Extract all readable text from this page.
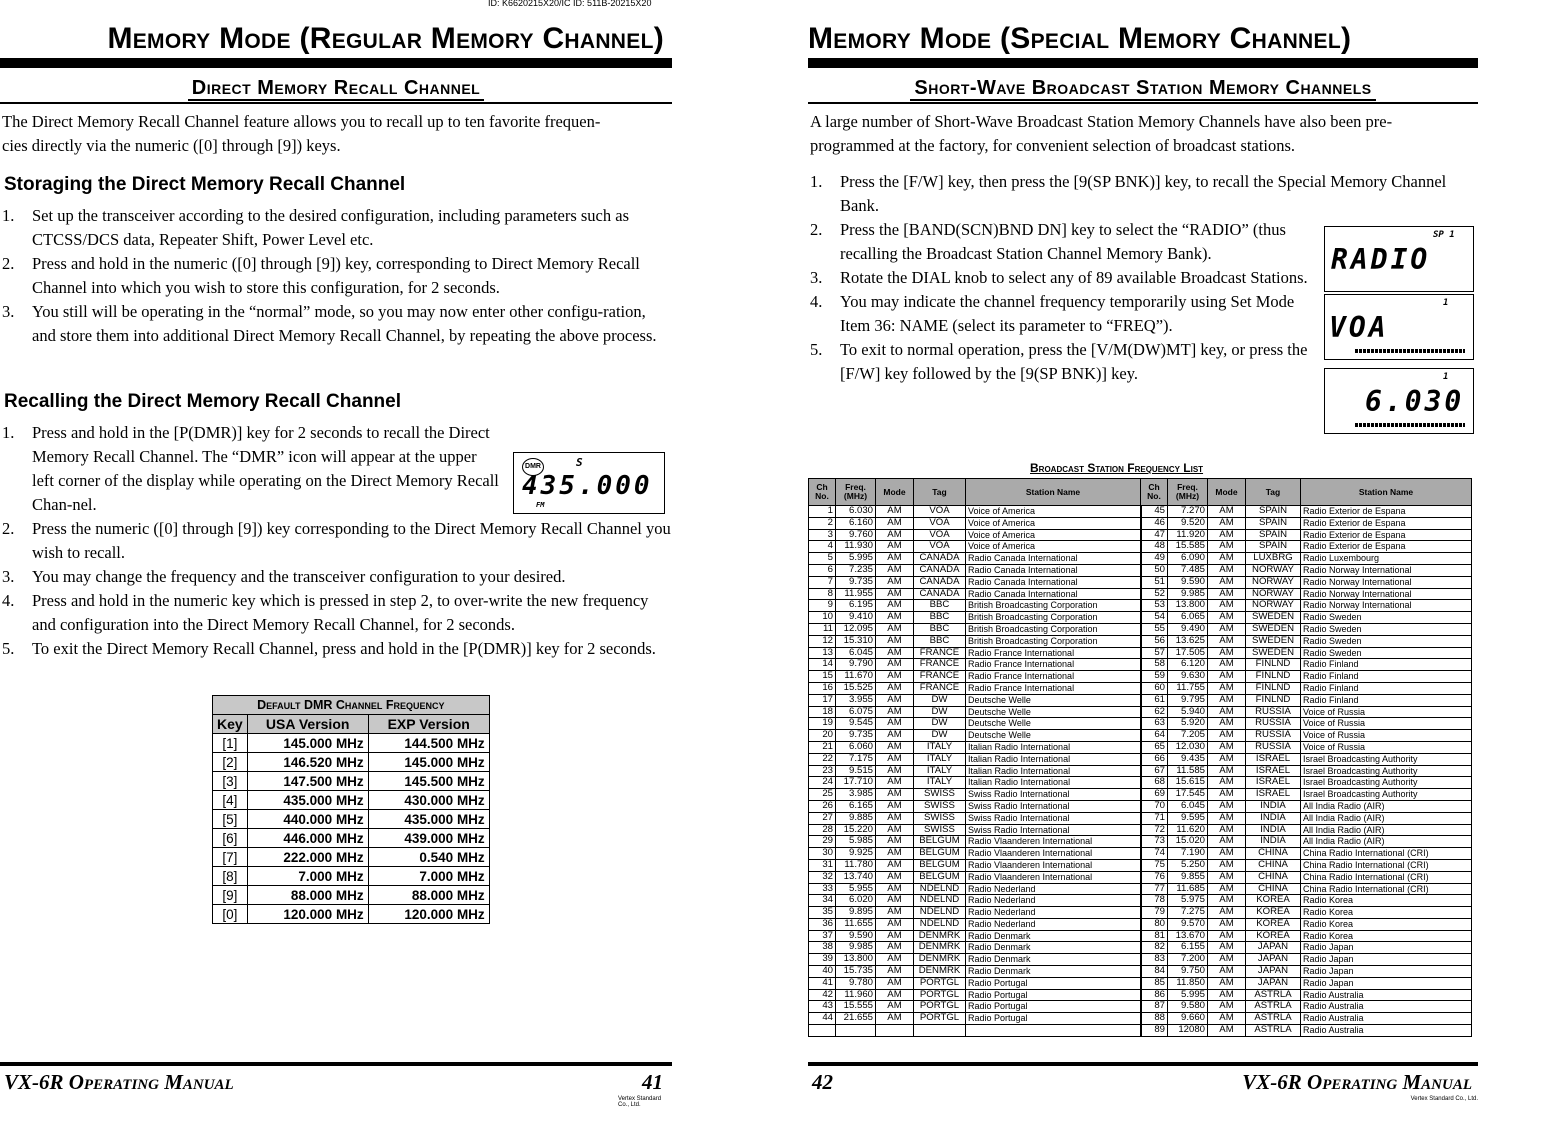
ID: K6620215X20/IC ID: 511B-20215X20
Memory Mode (Regular Memory Channel)
Direct Memory Recall Channel
The Direct Memory Recall Channel feature allows you to recall up to ten favorite frequen-
cies directly via the numeric ([0] through [9]) keys.
Storaging the Direct Memory Recall Channel
1. Set up the transceiver according to the desired configuration, including parameters such as CTCSS/DCS data, Repeater Shift, Power Level etc.
2. Press and hold in the numeric ([0] through [9]) key, corresponding to Direct Memory Recall Channel into which you wish to store this configuration, for 2 seconds.
3. You still will be operating in the “normal” mode, so you may now enter other configu-ration, and store them into additional Direct Memory Recall Channel, by repeating the above process.
Recalling the Direct Memory Recall Channel
1. Press and hold in the [P(DMR)] key for 2 seconds to recall the Direct Memory Recall Channel. The “DMR” icon will appear at the upper left corner of the display while operating on the Direct Memory Recall Chan-nel.
2. Press the numeric ([0] through [9]) key corresponding to the Direct Memory Recall Channel you wish to recall.
3. You may change the frequency and the transceiver configuration to your desired.
4. Press and hold in the numeric key which is pressed in step 2, to over-write the new frequency and configuration into the Direct Memory Recall Channel, for 2 seconds.
5. To exit the Direct Memory Recall Channel, press and hold in the [P(DMR)] key for 2 seconds.
DMR	S
435.000
FM
Default DMR Channel Frequency		
Key	USA Version	EXP Version
[1]	145.000 MHz	144.500 MHz
[2]	146.520 MHz	145.000 MHz
[3]	147.500 MHz	145.500 MHz
[4]	435.000 MHz	430.000 MHz
[5]	440.000 MHz	435.000 MHz
[6]	446.000 MHz	439.000 MHz
[7]	222.000 MHz	0.540 MHz
[8]	7.000 MHz	7.000 MHz
[9]	88.000 MHz	88.000 MHz
[0]	120.000 MHz	120.000 MHz
VX-6R Operating Manual	41
Vertex Standard Co., Ltd.
Memory Mode (Special Memory Channel)
Short-Wave Broadcast Station Memory Channels
A large number of Short-Wave Broadcast Station Memory Channels have also been pre-
programmed at the factory, for convenient selection of broadcast stations.
1. Press the [F/W] key, then press the [9(SP BNK)] key, to recall the Special Memory Channel Bank.
2. Press the [BAND(SCN)BND DN] key to select the “RADIO” (thus recalling the Broadcast Station Channel Memory Bank).
3. Rotate the DIAL knob to select any of 89 available Broadcast Stations.
4. You may indicate the channel frequency temporarily using Set Mode Item 36: NAME (select its parameter to “FREQ”).
5. To exit to normal operation, press the [V/M(DW)MT] key, or press the [F/W] key followed by the [9(SP BNK)] key.
SP 1
RADIO
1
VOA
1
6.030
Broadcast Station Frequency List
Ch No.	Freq. (MHz)	Mode	Tag	Station Name	Ch No.	Freq. (MHz)	Mode	Tag	Station Name
1	6.030	AM	VOA	Voice of America	45	7.270	AM	SPAIN	Radio Exterior de Espana
2	6.160	AM	VOA	Voice of America	46	9.520	AM	SPAIN	Radio Exterior de Espana
3	9.760	AM	VOA	Voice of America	47	11.920	AM	SPAIN	Radio Exterior de Espana
4	11.930	AM	VOA	Voice of America	48	15.585	AM	SPAIN	Radio Exterior de Espana
5	5.995	AM	CANADA	Radio Canada International	49	6.090	AM	LUXBRG	Radio Luxembourg
6	7.235	AM	CANADA	Radio Canada International	50	7.485	AM	NORWAY	Radio Norway International
7	9.735	AM	CANADA	Radio Canada International	51	9.590	AM	NORWAY	Radio Norway International
8	11.955	AM	CANADA	Radio Canada International	52	9.985	AM	NORWAY	Radio Norway International
9	6.195	AM	BBC	British Broadcasting Corporation	53	13.800	AM	NORWAY	Radio Norway International
10	9.410	AM	BBC	British Broadcasting Corporation	54	6.065	AM	SWEDEN	Radio Sweden
11	12.095	AM	BBC	British Broadcasting Corporation	55	9.490	AM	SWEDEN	Radio Sweden
12	15.310	AM	BBC	British Broadcasting Corporation	56	13.625	AM	SWEDEN	Radio Sweden
13	6.045	AM	FRANCE	Radio France International	57	17.505	AM	SWEDEN	Radio Sweden
14	9.790	AM	FRANCE	Radio France International	58	6.120	AM	FINLND	Radio Finland
15	11.670	AM	FRANCE	Radio France International	59	9.630	AM	FINLND	Radio Finland
16	15.525	AM	FRANCE	Radio France International	60	11.755	AM	FINLND	Radio Finland
17	3.955	AM	DW	Deutsche Welle	61	9.795	AM	FINLND	Radio Finland
18	6.075	AM	DW	Deutsche Welle	62	5.940	AM	RUSSIA	Voice of Russia
19	9.545	AM	DW	Deutsche Welle	63	5.920	AM	RUSSIA	Voice of Russia
20	9.735	AM	DW	Deutsche Welle	64	7.205	AM	RUSSIA	Voice of Russia
21	6.060	AM	ITALY	Italian Radio International	65	12.030	AM	RUSSIA	Voice of Russia
22	7.175	AM	ITALY	Italian Radio International	66	9.435	AM	ISRAEL	Israel Broadcasting Authority
23	9.515	AM	ITALY	Italian Radio International	67	11.585	AM	ISRAEL	Israel Broadcasting Authority
24	17.710	AM	ITALY	Italian Radio International	68	15.615	AM	ISRAEL	Israel Broadcasting Authority
25	3.985	AM	SWISS	Swiss Radio International	69	17.545	AM	ISRAEL	Israel Broadcasting Authority
26	6.165	AM	SWISS	Swiss Radio International	70	6.045	AM	INDIA	All India Radio (AIR)
27	9.885	AM	SWISS	Swiss Radio International	71	9.595	AM	INDIA	All India Radio (AIR)
28	15.220	AM	SWISS	Swiss Radio International	72	11.620	AM	INDIA	All India Radio (AIR)
29	5.985	AM	BELGUM	Radio Vlaanderen International	73	15.020	AM	INDIA	All India Radio (AIR)
30	9.925	AM	BELGUM	Radio Vlaanderen International	74	7.190	AM	CHINA	China Radio International (CRI)
31	11.780	AM	BELGUM	Radio Vlaanderen International	75	5.250	AM	CHINA	China Radio International (CRI)
32	13.740	AM	BELGUM	Radio Vlaanderen International	76	9.855	AM	CHINA	China Radio International (CRI)
33	5.955	AM	NDELND	Radio Nederland	77	11.685	AM	CHINA	China Radio International (CRI)
34	6.020	AM	NDELND	Radio Nederland	78	5.975	AM	KOREA	Radio Korea
35	9.895	AM	NDELND	Radio Nederland	79	7.275	AM	KOREA	Radio Korea
36	11.655	AM	NDELND	Radio Nederland	80	9.570	AM	KOREA	Radio Korea
37	9.590	AM	DENMRK	Radio Denmark	81	13.670	AM	KOREA	Radio Korea
38	9.985	AM	DENMRK	Radio Denmark	82	6.155	AM	JAPAN	Radio Japan
39	13.800	AM	DENMRK	Radio Denmark	83	7.200	AM	JAPAN	Radio Japan
40	15.735	AM	DENMRK	Radio Denmark	84	9.750	AM	JAPAN	Radio Japan
41	9.780	AM	PORTGL	Radio Portugal	85	11.850	AM	JAPAN	Radio Japan
42	11.960	AM	PORTGL	Radio Portugal	86	5.995	AM	ASTRLA	Radio Australia
43	15.555	AM	PORTGL	Radio Portugal	87	9.580	AM	ASTRLA	Radio Australia
44	21.655	AM	PORTGL	Radio Portugal	88	9.660	AM	ASTRLA	Radio Australia
					89	12080	AM	ASTRLA	Radio Australia
42	VX-6R Operating Manual
Vertex Standard Co., Ltd.
